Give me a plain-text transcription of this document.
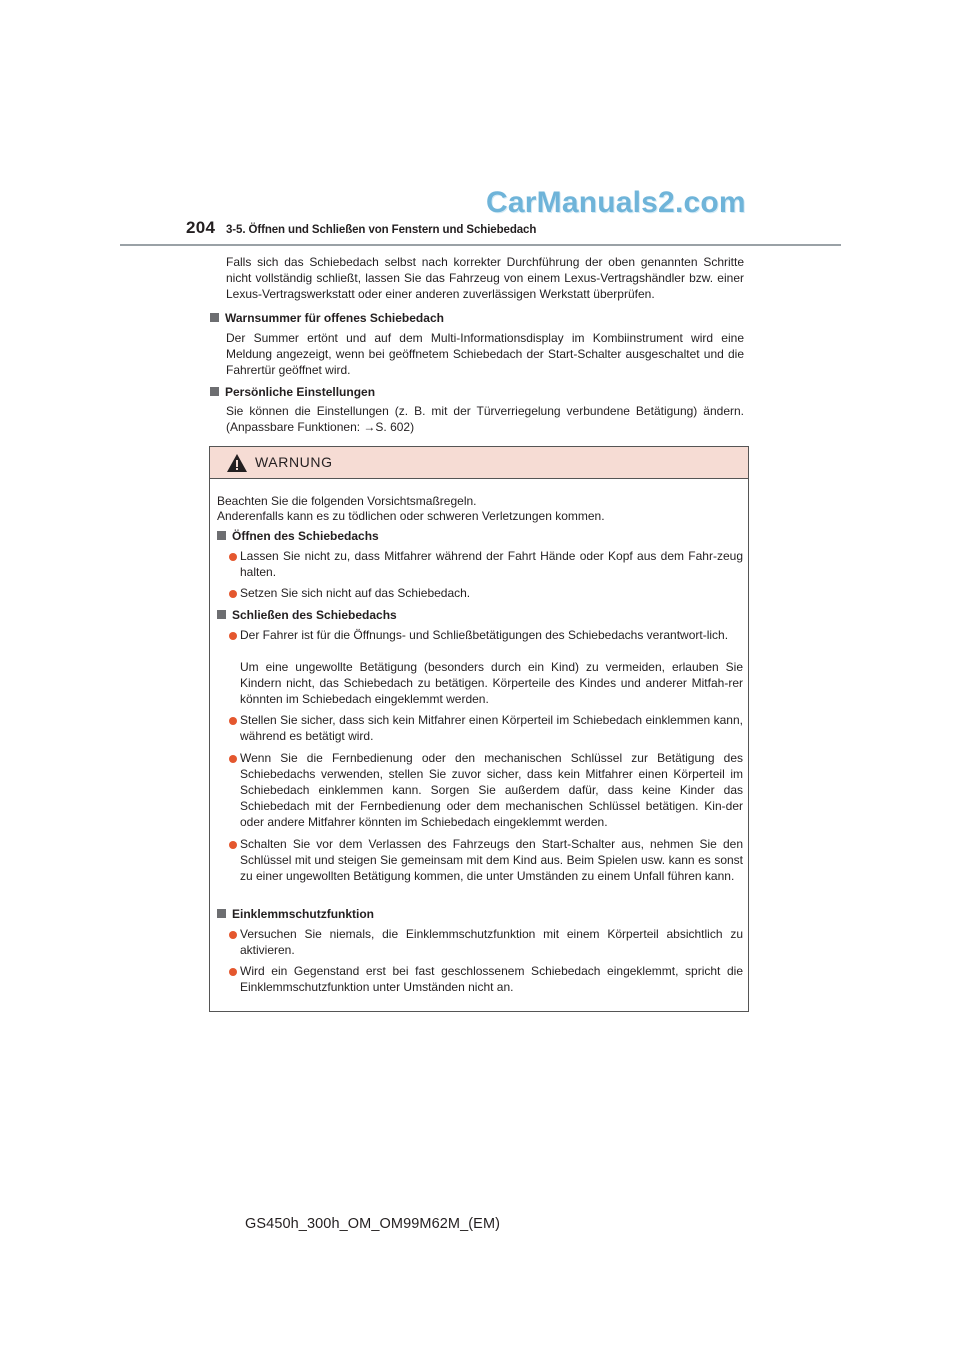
204 3-5. Öffnen und Schließen von Fenstern und Schiebedach
CarManuals2.com
Falls sich das Schiebedach selbst nach korrekter Durchführung der oben genannten Schritte nicht vollständig schließt, lassen Sie das Fahrzeug von einem Lexus-Vertragshändler bzw. einer Lexus-Vertragswerkstatt oder einer anderen zuverlässigen Werkstatt überprüfen.
Warnsummer für offenes Schiebedach
Der Summer ertönt und auf dem Multi-Informationsdisplay im Kombiinstrument wird eine Meldung angezeigt, wenn bei geöffnetem Schiebedach der Start-Schalter ausgeschaltet und die Fahrertür geöffnet wird.
Persönliche Einstellungen
Sie können die Einstellungen (z. B. mit der Türverriegelung verbundene Betätigung) ändern. (Anpassbare Funktionen: →S. 602)
WARNUNG
Beachten Sie die folgenden Vorsichtsmaßregeln.
Anderenfalls kann es zu tödlichen oder schweren Verletzungen kommen.
Öffnen des Schiebedachs
Lassen Sie nicht zu, dass Mitfahrer während der Fahrt Hände oder Kopf aus dem Fahr-zeug halten.
Setzen Sie sich nicht auf das Schiebedach.
Schließen des Schiebedachs
Der Fahrer ist für die Öffnungs- und Schließbetätigungen des Schiebedachs verantwort-lich.
Um eine ungewollte Betätigung (besonders durch ein Kind) zu vermeiden, erlauben Sie Kindern nicht, das Schiebedach zu betätigen. Körperteile des Kindes und anderer Mitfah-rer könnten im Schiebedach eingeklemmt werden.
Stellen Sie sicher, dass sich kein Mitfahrer einen Körperteil im Schiebedach einklemmen kann, während es betätigt wird.
Wenn Sie die Fernbedienung oder den mechanischen Schlüssel zur Betätigung des Schiebedachs verwenden, stellen Sie zuvor sicher, dass kein Mitfahrer einen Körperteil im Schiebedach einklemmen kann. Sorgen Sie außerdem dafür, dass keine Kinder das Schiebedach mit der Fernbedienung oder dem mechanischen Schlüssel betätigen. Kin-der oder andere Mitfahrer könnten im Schiebedach eingeklemmt werden.
Schalten Sie vor dem Verlassen des Fahrzeugs den Start-Schalter aus, nehmen Sie den Schlüssel mit und steigen Sie gemeinsam mit dem Kind aus. Beim Spielen usw. kann es sonst zu einer ungewollten Betätigung kommen, die unter Umständen zu einem Unfall führen kann.
Einklemmschutzfunktion
Versuchen Sie niemals, die Einklemmschutzfunktion mit einem Körperteil absichtlich zu aktivieren.
Wird ein Gegenstand erst bei fast geschlossenem Schiebedach eingeklemmt, spricht die Einklemmschutzfunktion unter Umständen nicht an.
GS450h_300h_OM_OM99M62M_(EM)
